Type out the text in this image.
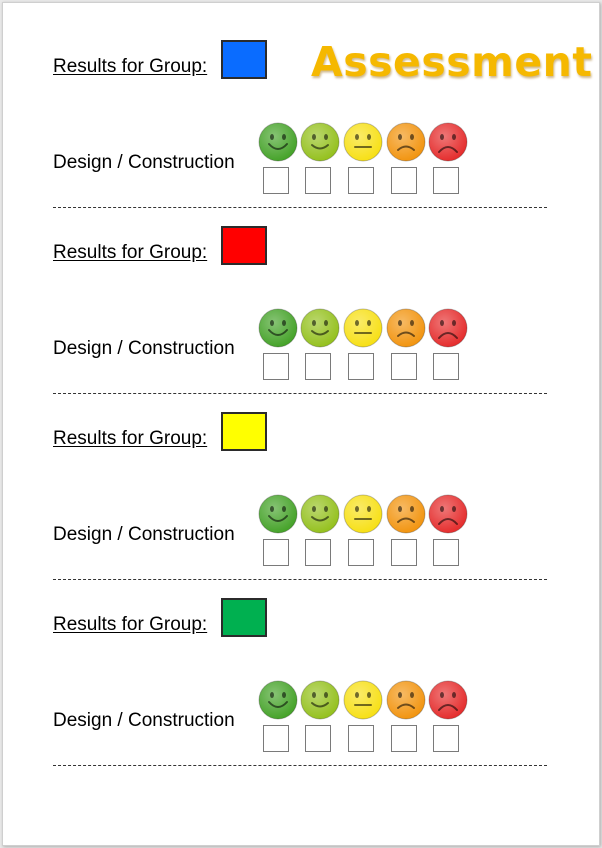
Assessment
Results for Group:
Design / Construction
Results for Group:
Design / Construction
Results for Group:
Design / Construction
Results for Group:
Design / Construction
